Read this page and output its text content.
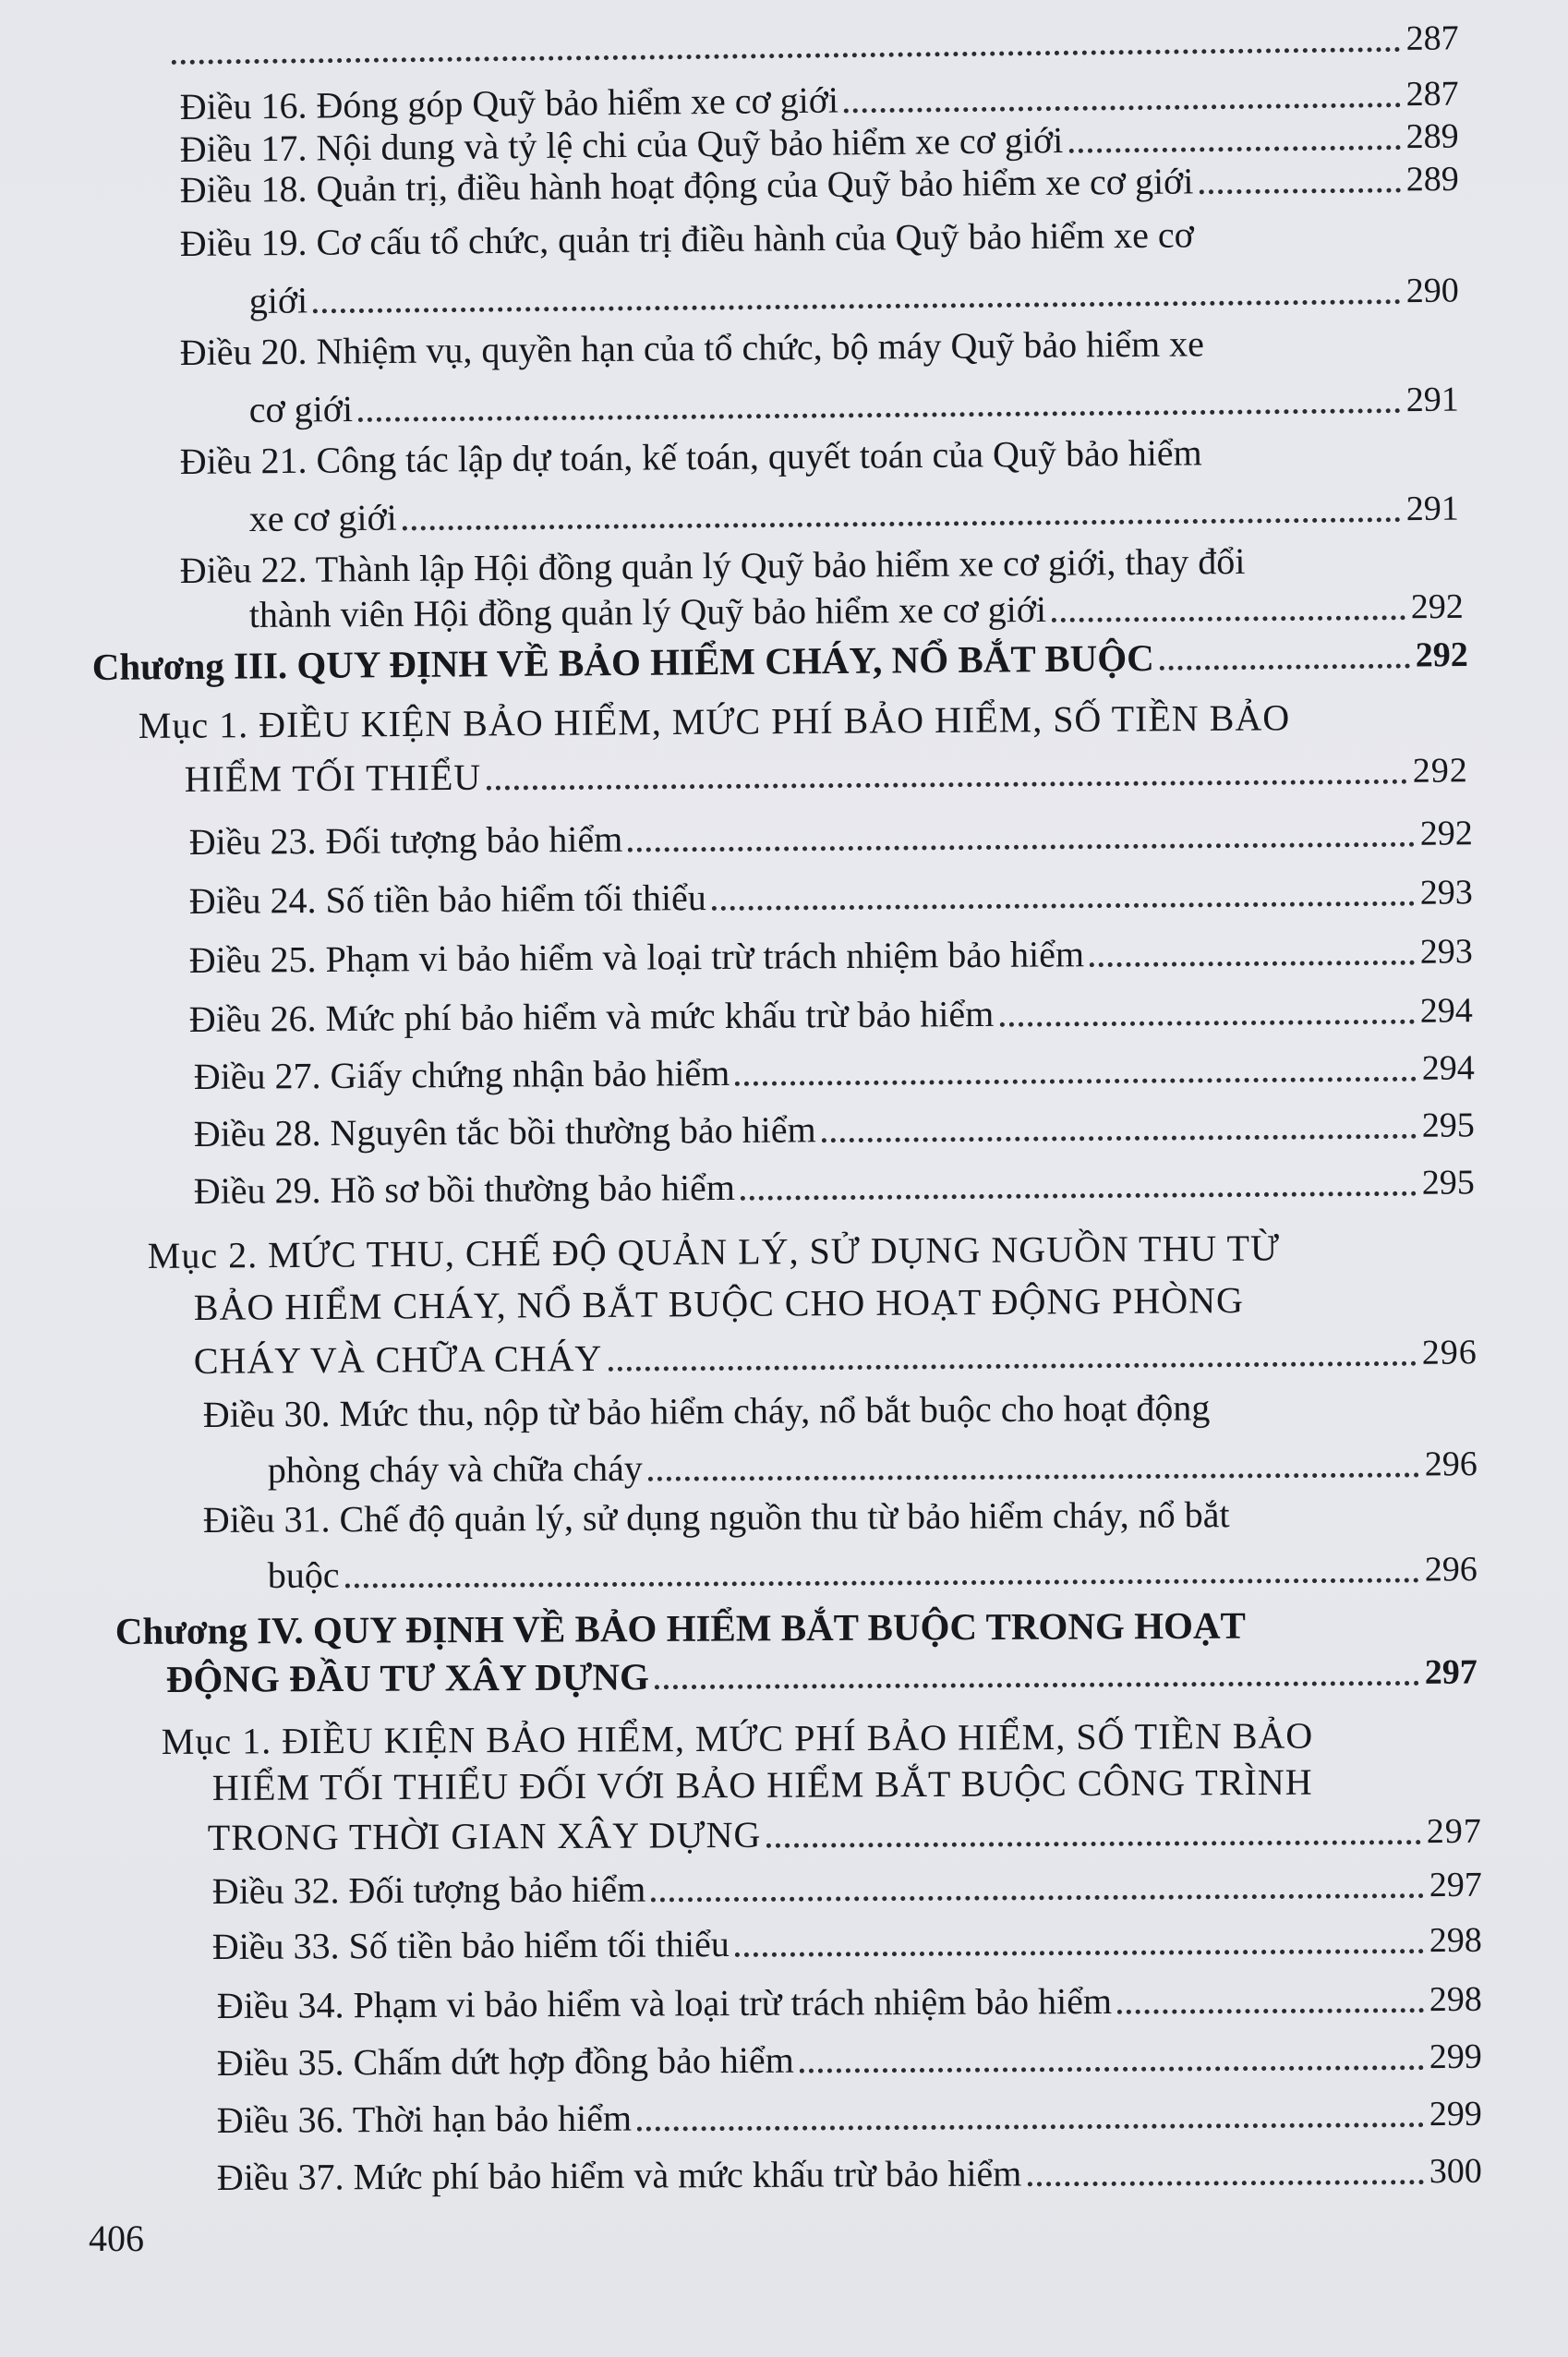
287
Điều 16. Đóng góp Quỹ bảo hiểm xe cơ giới	287
Điều 17. Nội dung và tỷ lệ chi của Quỹ bảo hiểm xe cơ giới	289
Điều 18. Quản trị, điều hành hoạt động của Quỹ bảo hiểm xe cơ giới	289
Điều 19. Cơ cấu tổ chức, quản trị điều hành của Quỹ bảo hiểm xe cơ
giới	290
Điều 20. Nhiệm vụ, quyền hạn của tổ chức, bộ máy Quỹ bảo hiểm xe
cơ giới	291
Điều 21. Công tác lập dự toán, kế toán, quyết toán của Quỹ bảo hiểm
xe cơ giới	291
Điều 22. Thành lập Hội đồng quản lý Quỹ bảo hiểm xe cơ giới, thay đổi
thành viên Hội đồng quản lý Quỹ bảo hiểm xe cơ giới	292
Chương III. QUY ĐỊNH VỀ BẢO HIỂM CHÁY, NỔ BẮT BUỘC	292
Mục 1. ĐIỀU KIỆN BẢO HIỂM, MỨC PHÍ BẢO HIỂM, SỐ TIỀN BẢO
HIỂM TỐI THIỂU	292
Điều 23. Đối tượng bảo hiểm	292
Điều 24. Số tiền bảo hiểm tối thiểu	293
Điều 25. Phạm vi bảo hiểm và loại trừ trách nhiệm bảo hiểm	293
Điều 26. Mức phí bảo hiểm và mức khấu trừ bảo hiểm	294
Điều 27. Giấy chứng nhận bảo hiểm	294
Điều 28. Nguyên tắc bồi thường bảo hiểm	295
Điều 29. Hồ sơ bồi thường bảo hiểm	295
Mục 2. MỨC THU, CHẾ ĐỘ QUẢN LÝ, SỬ DỤNG NGUỒN THU TỪ
BẢO HIỂM CHÁY, NỔ BẮT BUỘC CHO HOẠT ĐỘNG PHÒNG
CHÁY VÀ CHỮA CHÁY	296
Điều 30. Mức thu, nộp từ bảo hiểm cháy, nổ bắt buộc cho hoạt động
phòng cháy và chữa cháy	296
Điều 31. Chế độ quản lý, sử dụng nguồn thu từ bảo hiểm cháy, nổ bắt
buộc	296
Chương IV. QUY ĐỊNH VỀ BẢO HIỂM BẮT BUỘC TRONG HOẠT
ĐỘNG ĐẦU TƯ XÂY DỰNG	297
Mục 1. ĐIỀU KIỆN BẢO HIỂM, MỨC PHÍ BẢO HIỂM, SỐ TIỀN BẢO
HIỂM TỐI THIỂU ĐỐI VỚI BẢO HIỂM BẮT BUỘC CÔNG TRÌNH
TRONG THỜI GIAN XÂY DỰNG	297
Điều 32. Đối tượng bảo hiểm	297
Điều 33. Số tiền bảo hiểm tối thiểu	298
Điều 34. Phạm vi bảo hiểm và loại trừ trách nhiệm bảo hiểm	298
Điều 35. Chấm dứt hợp đồng bảo hiểm	299
Điều 36. Thời hạn bảo hiểm	299
Điều 37. Mức phí bảo hiểm và mức khấu trừ bảo hiểm	300
406
